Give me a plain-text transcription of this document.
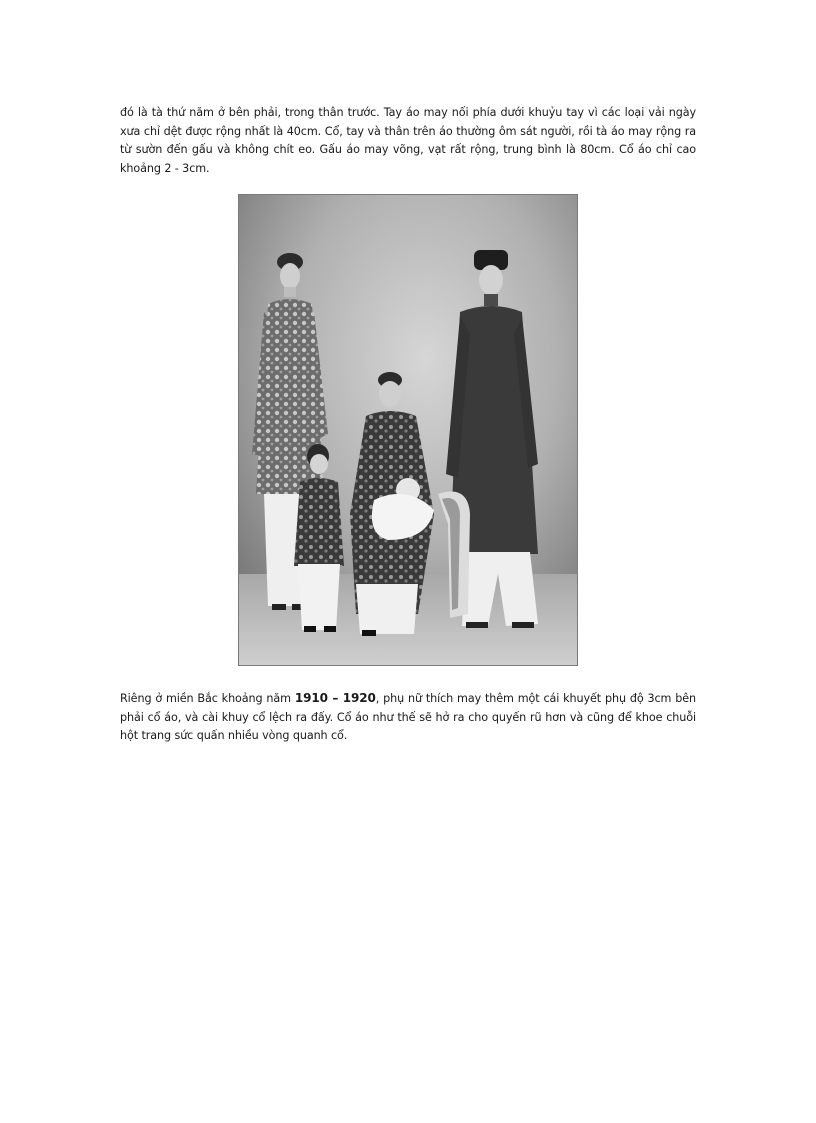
đó là tà thứ năm ở bên phải, trong thân trước. Tay áo may nối phía dưới khuỷu tay vì các loại vải ngày xưa chỉ dệt được rộng nhất là 40cm. Cổ, tay và thân trên áo thường ôm sát người, rồi tà áo may rộng ra từ sườn đến gấu và không chít eo. Gấu áo may võng, vạt rất rộng, trung bình là 80cm. Cổ áo chỉ cao khoảng 2 - 3cm.

Riêng ở miền Bắc khoảng năm 1910 – 1920, phụ nữ thích may thêm một cái khuyết phụ độ 3cm bên phải cổ áo, và cài khuy cổ lệch ra đấy. Cổ áo như thế sẽ hở ra cho quyến rũ hơn và cũng để khoe chuỗi hột trang sức quấn nhiều vòng quanh cổ.
